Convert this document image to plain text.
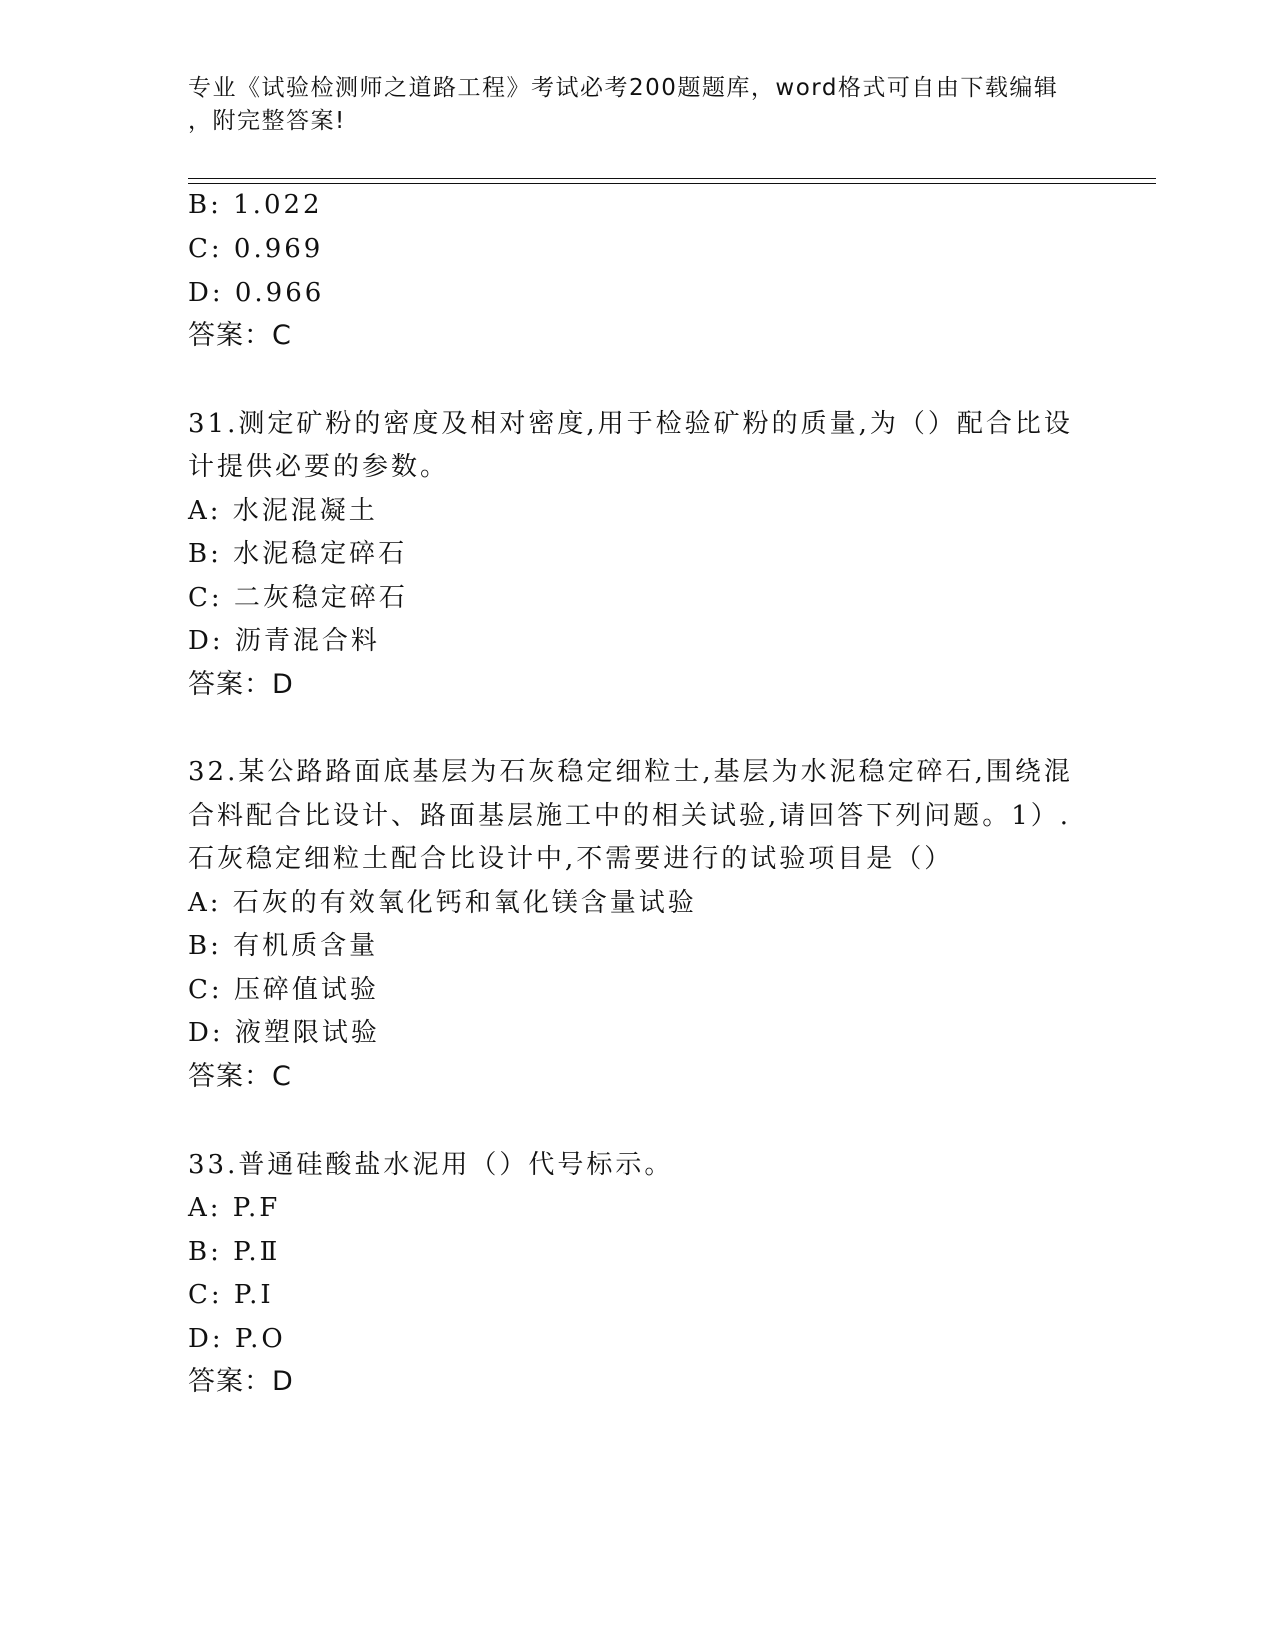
专业《试验检测师之道路工程》考试必考200题题库，word格式可自由下载编辑
，附完整答案!
B: 1.022
C: 0.969
D: 0.966
答案：C
31.测定矿粉的密度及相对密度,用于检验矿粉的质量,为（）配合比设
计提供必要的参数。
A: 水泥混凝土
B: 水泥稳定碎石
C: 二灰稳定碎石
D: 沥青混合料
答案：D
32.某公路路面底基层为石灰稳定细粒士,基层为水泥稳定碎石,围绕混
合料配合比设计、路面基层施工中的相关试验,请回答下列问题。1）.
石灰稳定细粒土配合比设计中,不需要进行的试验项目是（）
A: 石灰的有效氧化钙和氧化镁含量试验
B: 有机质含量
C: 压碎值试验
D: 液塑限试验
答案：C
33.普通硅酸盐水泥用（）代号标示。
A: P.F
B: P.Ⅱ
C: P.I
D: P.O
答案：D
